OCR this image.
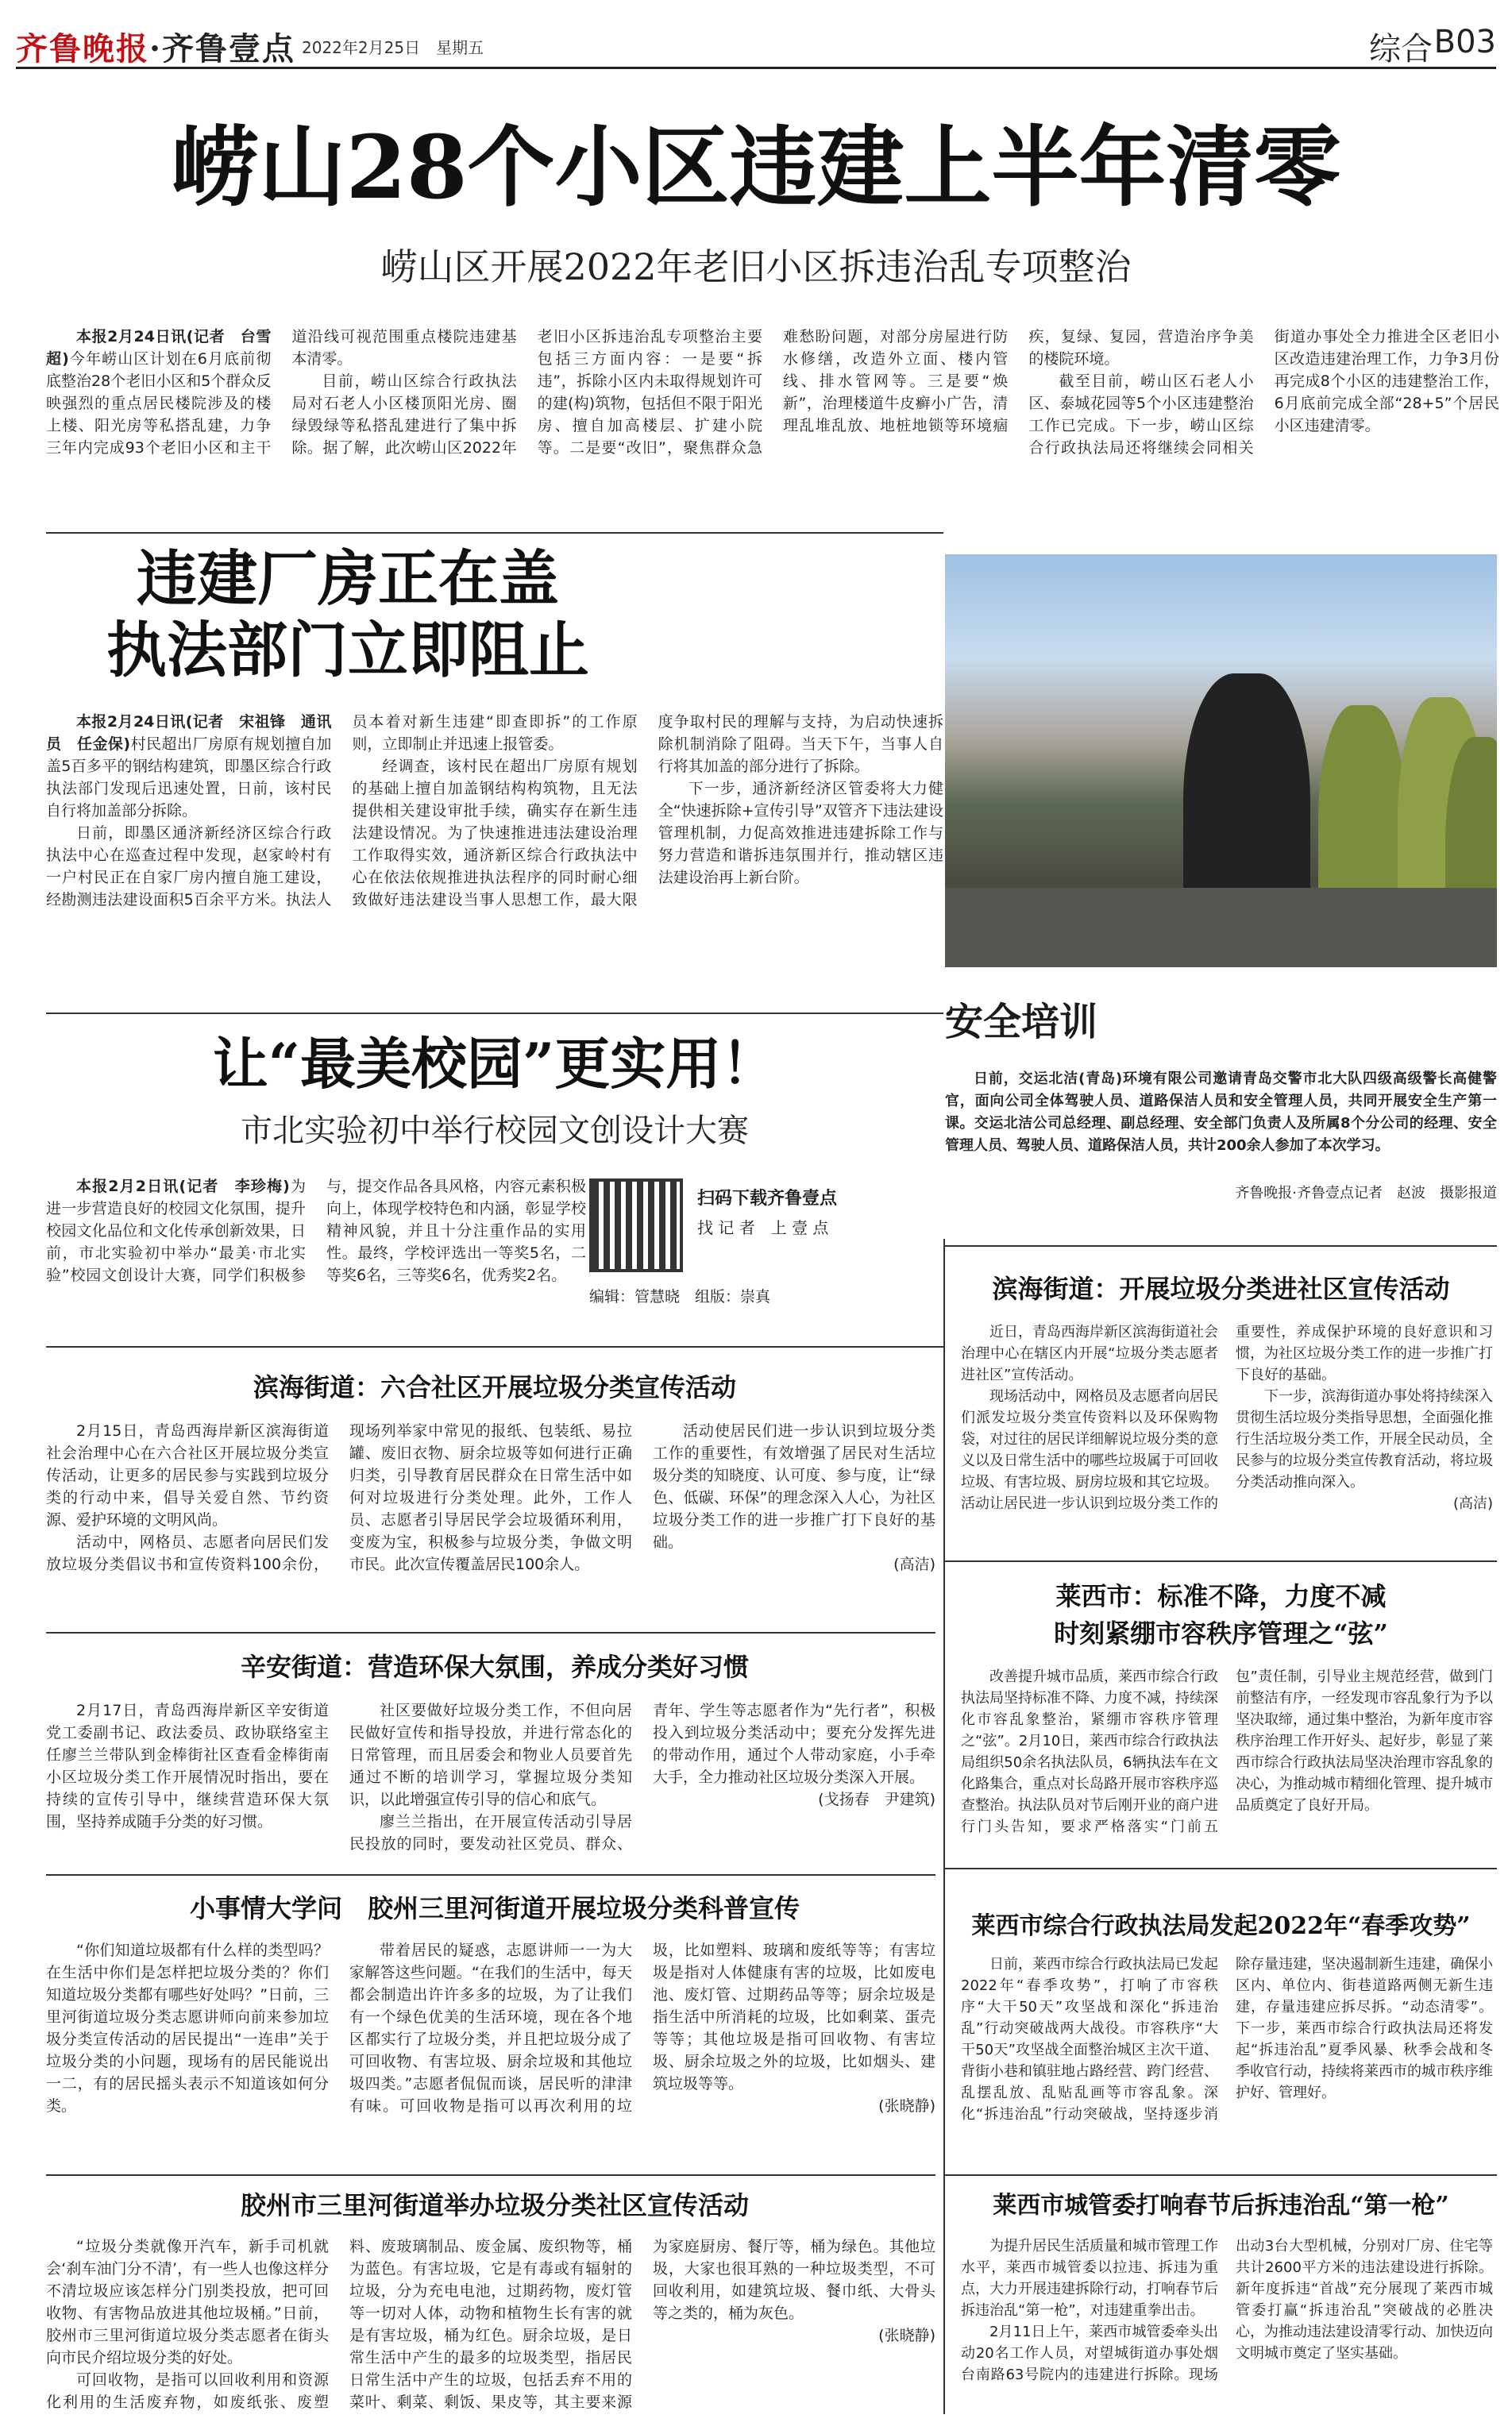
齐鲁晚报·齐鲁壹点 2022年2月25日　星期五	综合 B03
崂山28个小区违建上半年清零
崂山区开展2022年老旧小区拆违治乱专项整治

本报2月24日讯(记者　台雪超)今年崂山区计划在6月底前彻底整治28个老旧小区和5个群众反映强烈的重点居民楼院涉及的楼上楼、阳光房等私搭乱建，力争三年内完成93个老旧小区和主干道沿线可视范围重点楼院违建基本清零。

目前，崂山区综合行政执法局对石老人小区楼顶阳光房、圈绿毁绿等私搭乱建进行了集中拆除。据了解，此次崂山区2022年老旧小区拆违治乱专项整治主要包括三方面内容：一是要“拆违”，拆除小区内未取得规划许可的建(构)筑物，包括但不限于阳光房、擅自加高楼层、扩建小院等。二是要“改旧”，聚焦群众急难愁盼问题，对部分房屋进行防水修缮，改造外立面、楼内管线、排水管网等。三是要“焕新”，治理楼道牛皮癣小广告，清理乱堆乱放、地桩地锁等环境痼疾，复绿、复园，营造治序争美的楼院环境。

截至目前，崂山区石老人小区、泰城花园等5个小区违建整治工作已完成。下一步，崂山区综合行政执法局还将继续会同相关街道办事处全力推进全区老旧小区改造违建治理工作，力争3月份再完成8个小区的违建整治工作，6月底前完成全部“28+5”个居民小区违建清零。

违建厂房正在盖
执法部门立即阻止

本报2月24日讯(记者　宋祖锋　通讯员　任金保)村民超出厂房原有规划擅自加盖5百多平的钢结构建筑，即墨区综合行政执法部门发现后迅速处置，日前，该村民自行将加盖部分拆除。

日前，即墨区通济新经济区综合行政执法中心在巡查过程中发现，赵家岭村有一户村民正在自家厂房内擅自施工建设，经勘测违法建设面积5百余平方米。执法人员本着对新生违建“即查即拆”的工作原则，立即制止并迅速上报管委。

经调查，该村民在超出厂房原有规划的基础上擅自加盖钢结构构筑物，且无法提供相关建设审批手续，确实存在新生违法建设情况。为了快速推进违法建设治理工作取得实效，通济新区综合行政执法中心在依法依规推进执法程序的同时耐心细致做好违法建设当事人思想工作，最大限度争取村民的理解与支持，为启动快速拆除机制消除了阻碍。当天下午，当事人自行将其加盖的部分进行了拆除。

下一步，通济新经济区管委将大力健全“快速拆除+宣传引导”双管齐下违法建设管理机制，力促高效推进违建拆除工作与努力营造和谐拆违氛围并行，推动辖区违法建设治再上新台阶。

让“最美校园”更实用！
市北实验初中举行校园文创设计大赛

本报2月2日讯(记者　李珍梅)为进一步营造良好的校园文化氛围，提升校园文化品位和文化传承创新效果，日前，市北实验初中举办“最美·市北实验”校园文创设计大赛，同学们积极参与，提交作品各具风格，内容元素积极向上，体现学校特色和内涵，彰显学校精神风貌，并且十分注重作品的实用性。最终，学校评选出一等奖5名，二等奖6名，三等奖6名，优秀奖2名。

扫码下载齐鲁壹点
找 记 者　上 壹 点
编辑：管慧晓　组版：崇真
安全培训

日前，交运北洁(青岛)环境有限公司邀请青岛交警市北大队四级高级警长高健警官，面向公司全体驾驶人员、道路保洁人员和安全管理人员，共同开展安全生产第一课。交运北洁公司总经理、副总经理、安全部门负责人及所属8个分公司的经理、安全管理人员、驾驶人员、道路保洁人员，共计200余人参加了本次学习。

齐鲁晚报·齐鲁壹点记者　赵波　摄影报道
滨海街道：六合社区开展垃圾分类宣传活动

2月15日，青岛西海岸新区滨海街道社会治理中心在六合社区开展垃圾分类宣传活动，让更多的居民参与实践到垃圾分类的行动中来，倡导关爱自然、节约资源、爱护环境的文明风尚。

活动中，网格员、志愿者向居民们发放垃圾分类倡议书和宣传资料100余份，现场列举家中常见的报纸、包装纸、易拉罐、废旧衣物、厨余垃圾等如何进行正确归类，引导教育居民群众在日常生活中如何对垃圾进行分类处理。此外，工作人员、志愿者引导居民学会垃圾循环利用，变废为宝，积极参与垃圾分类，争做文明市民。此次宣传覆盖居民100余人。

活动使居民们进一步认识到垃圾分类工作的重要性，有效增强了居民对生活垃圾分类的知晓度、认可度、参与度，让“绿色、低碳、环保”的理念深入人心，为社区垃圾分类工作的进一步推广打下良好的基础。

(高洁)

辛安街道：营造环保大氛围，养成分类好习惯

2月17日，青岛西海岸新区辛安街道党工委副书记、政法委员、政协联络室主任廖兰兰带队到金棒街社区查看金棒街南小区垃圾分类工作开展情况时指出，要在持续的宣传引导中，继续营造环保大氛围，坚持养成随手分类的好习惯。

社区要做好垃圾分类工作，不但向居民做好宣传和指导投放，并进行常态化的日常管理，而且居委会和物业人员要首先通过不断的培训学习，掌握垃圾分类知识，以此增强宣传引导的信心和底气。

廖兰兰指出，在开展宣传活动引导居民投放的同时，要发动社区党员、群众、青年、学生等志愿者作为“先行者”，积极投入到垃圾分类活动中；要充分发挥先进的带动作用，通过个人带动家庭，小手牵大手，全力推动社区垃圾分类深入开展。

(戈扬春　尹建筑)

小事情大学问　胶州三里河街道开展垃圾分类科普宣传

“你们知道垃圾都有什么样的类型吗？在生活中你们是怎样把垃圾分类的？你们知道垃圾分类都有哪些好处吗？”日前，三里河街道垃圾分类志愿讲师向前来参加垃圾分类宣传活动的居民提出“一连串”关于垃圾分类的小问题，现场有的居民能说出一二，有的居民摇头表示不知道该如何分类。

带着居民的疑惑，志愿讲师一一为大家解答这些问题。“在我们的生活中，每天都会制造出许许多多的垃圾，为了让我们有一个绿色优美的生活环境，现在各个地区都实行了垃圾分类，并且把垃圾分成了可回收物、有害垃圾、厨余垃圾和其他垃圾四类。”志愿者侃侃而谈，居民听的津津有味。可回收物是指可以再次利用的垃圾，比如塑料、玻璃和废纸等等；有害垃圾是指对人体健康有害的垃圾，比如废电池、废灯管、过期药品等等；厨余垃圾是指生活中所消耗的垃圾，比如剩菜、蛋壳等等；其他垃圾是指可回收物、有害垃圾、厨余垃圾之外的垃圾，比如烟头、建筑垃圾等等。

(张晓静)

胶州市三里河街道举办垃圾分类社区宣传活动

“垃圾分类就像开汽车，新手司机就会‘刹车油门分不清’，有一些人也像这样分不清垃圾应该怎样分门别类投放，把可回收物、有害物品放进其他垃圾桶。”日前，胶州市三里河街道垃圾分类志愿者在街头向市民介绍垃圾分类的好处。

可回收物，是指可以回收利用和资源化利用的生活废弃物，如废纸张、废塑料、废玻璃制品、废金属、废织物等，桶为蓝色。有害垃圾，它是有毒或有辐射的垃圾，分为充电电池，过期药物，废灯管等一切对人体，动物和植物生长有害的就是有害垃圾，桶为红色。厨余垃圾，是日常生活中产生的最多的垃圾类型，指居民日常生活中产生的垃圾，包括丢弃不用的菜叶、剩菜、剩饭、果皮等，其主要来源为家庭厨房、餐厅等，桶为绿色。其他垃圾，大家也很耳熟的一种垃圾类型，不可回收利用，如建筑垃圾、餐巾纸、大骨头等之类的，桶为灰色。

(张晓静)

滨海街道：开展垃圾分类进社区宣传活动

近日，青岛西海岸新区滨海街道社会治理中心在辖区内开展“垃圾分类志愿者进社区”宣传活动。

现场活动中，网格员及志愿者向居民们派发垃圾分类宣传资料以及环保购物袋，对过往的居民详细解说垃圾分类的意义以及日常生活中的哪些垃圾属于可回收垃圾、有害垃圾、厨房垃圾和其它垃圾。活动让居民进一步认识到垃圾分类工作的重要性，养成保护环境的良好意识和习惯，为社区垃圾分类工作的进一步推广打下良好的基础。

下一步，滨海街道办事处将持续深入贯彻生活垃圾分类指导思想，全面强化推行生活垃圾分类工作，开展全民动员，全民参与的垃圾分类宣传教育活动，将垃圾分类活动推向深入。

(高洁)

莱西市：标准不降，力度不减
时刻紧绷市容秩序管理之“弦”

改善提升城市品质，莱西市综合行政执法局坚持标准不降、力度不减，持续深化市容乱象整治，紧绷市容秩序管理之“弦”。2月10日，莱西市综合行政执法局组织50余名执法队员，6辆执法车在文化路集合，重点对长岛路开展市容秩序巡查整治。执法队员对节后刚开业的商户进行门头告知，要求严格落实“门前五包”责任制，引导业主规范经营，做到门前整洁有序，一经发现市容乱象行为予以坚决取缔，通过集中整治，为新年度市容秩序治理工作开好头、起好步，彰显了莱西市综合行政执法局坚决治理市容乱象的决心，为推动城市精细化管理、提升城市品质奠定了良好开局。

莱西市综合行政执法局发起2022年“春季攻势”

日前，莱西市综合行政执法局已发起2022年“春季攻势”，打响了市容秩序“大干50天”攻坚战和深化“拆违治乱”行动突破战两大战役。市容秩序“大干50天”攻坚战全面整治城区主次干道、背街小巷和镇驻地占路经营、跨门经营、乱摆乱放、乱贴乱画等市容乱象。深化“拆违治乱”行动突破战，坚持逐步消除存量违建，坚决遏制新生违建，确保小区内、单位内、街巷道路两侧无新生违建，存量违建应拆尽拆。“动态清零”。下一步，莱西市综合行政执法局还将发起“拆违治乱”夏季风暴、秋季会战和冬季收官行动，持续将莱西市的城市秩序维护好、管理好。

莱西市城管委打响春节后拆违治乱“第一枪”

为提升居民生活质量和城市管理工作水平，莱西市城管委以拉违、拆违为重点，大力开展违建拆除行动，打响春节后拆违治乱“第一枪”，对违建重拳出击。

2月11日上午，莱西市城管委牵头出动20名工作人员，对望城街道办事处烟台南路63号院内的违建进行拆除。现场出动3台大型机械，分别对厂房、住宅等共计2600平方米的违法建设进行拆除。新年度拆违“首战”充分展现了莱西市城管委打赢“拆违治乱”突破战的必胜决心，为推动违法建设清零行动、加快迈向文明城市奠定了坚实基础。
